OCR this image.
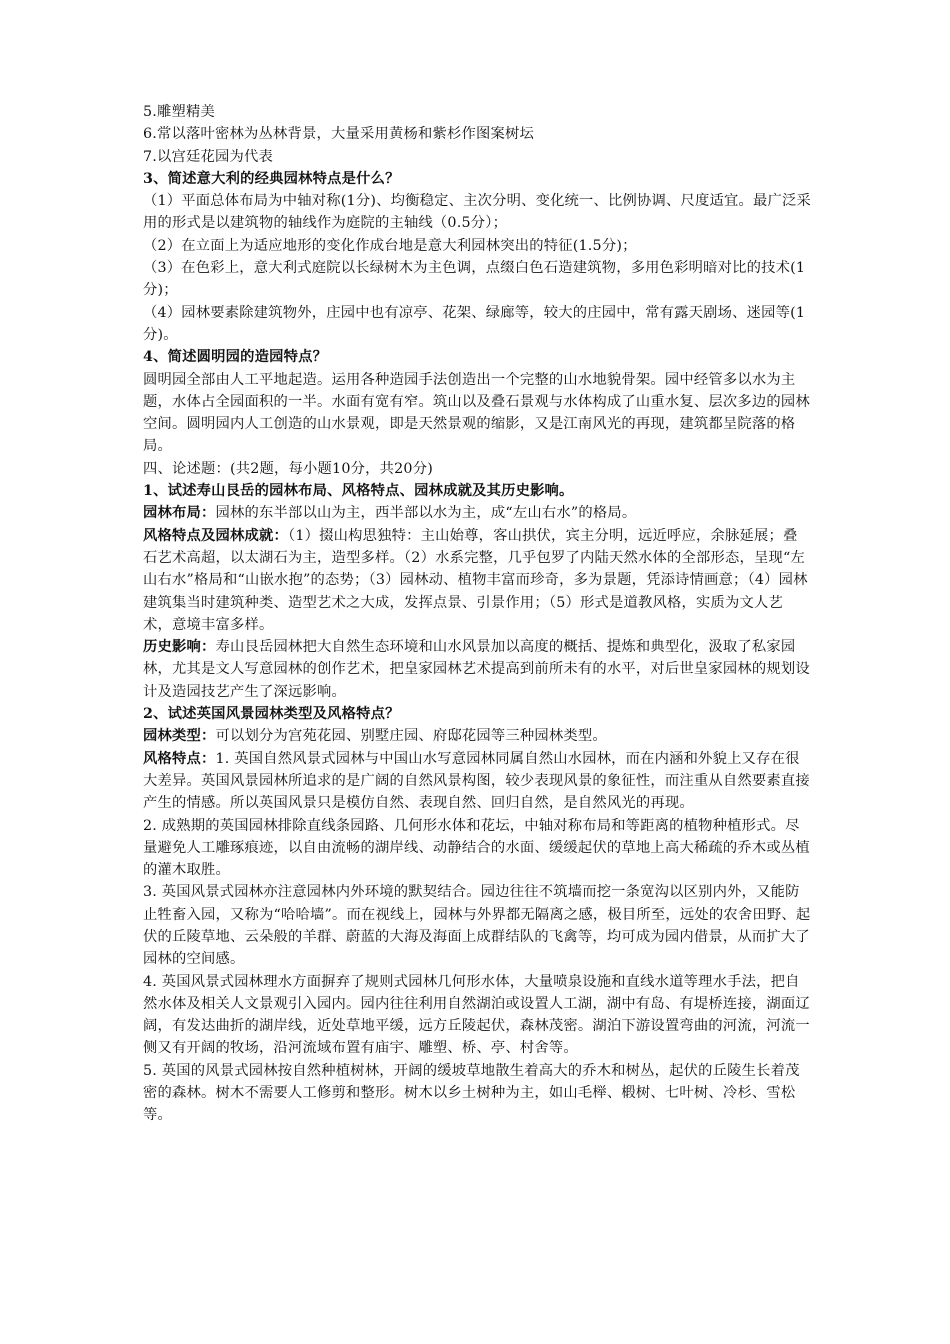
5.雕塑精美

6.常以落叶密林为丛林背景，大量采用黄杨和紫杉作图案树坛

7.以宫廷花园为代表

3、简述意大利的经典园林特点是什么？

（1）平面总体布局为中轴对称(1分)、均衡稳定、主次分明、变化统一、比例协调、尺度适宜。最广泛采用的形式是以建筑物的轴线作为庭院的主轴线（0.5分）；

（2）在立面上为适应地形的变化作成台地是意大利园林突出的特征(1.5分)；

（3）在色彩上，意大利式庭院以长绿树木为主色调，点缀白色石造建筑物，多用色彩明暗对比的技术(1分)；

（4）园林要素除建筑物外，庄园中也有凉亭、花架、绿廊等，较大的庄园中，常有露天剧场、迷园等(1分)。

4、简述圆明园的造园特点？

圆明园全部由人工平地起造。运用各种造园手法创造出一个完整的山水地貌骨架。园中经管多以水为主题，水体占全园面积的一半。水面有宽有窄。筑山以及叠石景观与水体构成了山重水复、层次多边的园林空间。圆明园内人工创造的山水景观，即是天然景观的缩影，又是江南风光的再现，建筑都呈院落的格局。

四、论述题：(共2题，每小题10分，共20分)

1、试述寿山艮岳的园林布局、风格特点、园林成就及其历史影响。

园林布局：园林的东半部以山为主，西半部以水为主，成“左山右水”的格局。

风格特点及园林成就：（1）掇山构思独特：主山始尊，客山拱伏，宾主分明，远近呼应，余脉延展；叠石艺术高超，以太湖石为主，造型多样。（2）水系完整，几乎包罗了内陆天然水体的全部形态，呈现“左山右水”格局和“山嵌水抱”的态势；（3）园林动、植物丰富而珍奇，多为景题，凭添诗情画意；（4）园林建筑集当时建筑种类、造型艺术之大成，发挥点景、引景作用；（5）形式是道教风格，实质为文人艺术，意境丰富多样。

历史影响：寿山艮岳园林把大自然生态环境和山水风景加以高度的概括、提炼和典型化，汲取了私家园林，尤其是文人写意园林的创作艺术，把皇家园林艺术提高到前所未有的水平，对后世皇家园林的规划设计及造园技艺产生了深远影响。

2、试述英国风景园林类型及风格特点？

园林类型：可以划分为宫苑花园、别墅庄园、府邸花园等三种园林类型。

风格特点：1. 英国自然风景式园林与中国山水写意园林同属自然山水园林，而在内涵和外貌上又存在很大差异。英国风景园林所追求的是广阔的自然风景构图，较少表现风景的象征性，而注重从自然要素直接产生的情感。所以英国风景只是模仿自然、表现自然、回归自然，是自然风光的再现。

2. 成熟期的英国园林排除直线条园路、几何形水体和花坛，中轴对称布局和等距离的植物种植形式。尽量避免人工雕琢痕迹，以自由流畅的湖岸线、动静结合的水面、缓缓起伏的草地上高大稀疏的乔木或丛植的灌木取胜。

3. 英国风景式园林亦注意园林内外环境的默契结合。园边往往不筑墙而挖一条宽沟以区别内外，又能防止牲畜入园，又称为“哈哈墙”。而在视线上，园林与外界都无隔离之感，极目所至，远处的农舍田野、起伏的丘陵草地、云朵般的羊群、蔚蓝的大海及海面上成群结队的飞禽等，均可成为园内借景，从而扩大了园林的空间感。

4. 英国风景式园林理水方面摒弃了规则式园林几何形水体，大量喷泉设施和直线水道等理水手法，把自然水体及相关人文景观引入园内。园内往往利用自然湖泊或设置人工湖，湖中有岛、有堤桥连接，湖面辽阔，有发达曲折的湖岸线，近处草地平缓，远方丘陵起伏，森林茂密。湖泊下游设置弯曲的河流，河流一侧又有开阔的牧场，沿河流域布置有庙宇、雕塑、桥、亭、村舍等。

5. 英国的风景式园林按自然种植树林，开阔的缓坡草地散生着高大的乔木和树丛，起伏的丘陵生长着茂密的森林。树木不需要人工修剪和整形。树木以乡土树种为主，如山毛榉、椴树、七叶树、冷杉、雪松等。
